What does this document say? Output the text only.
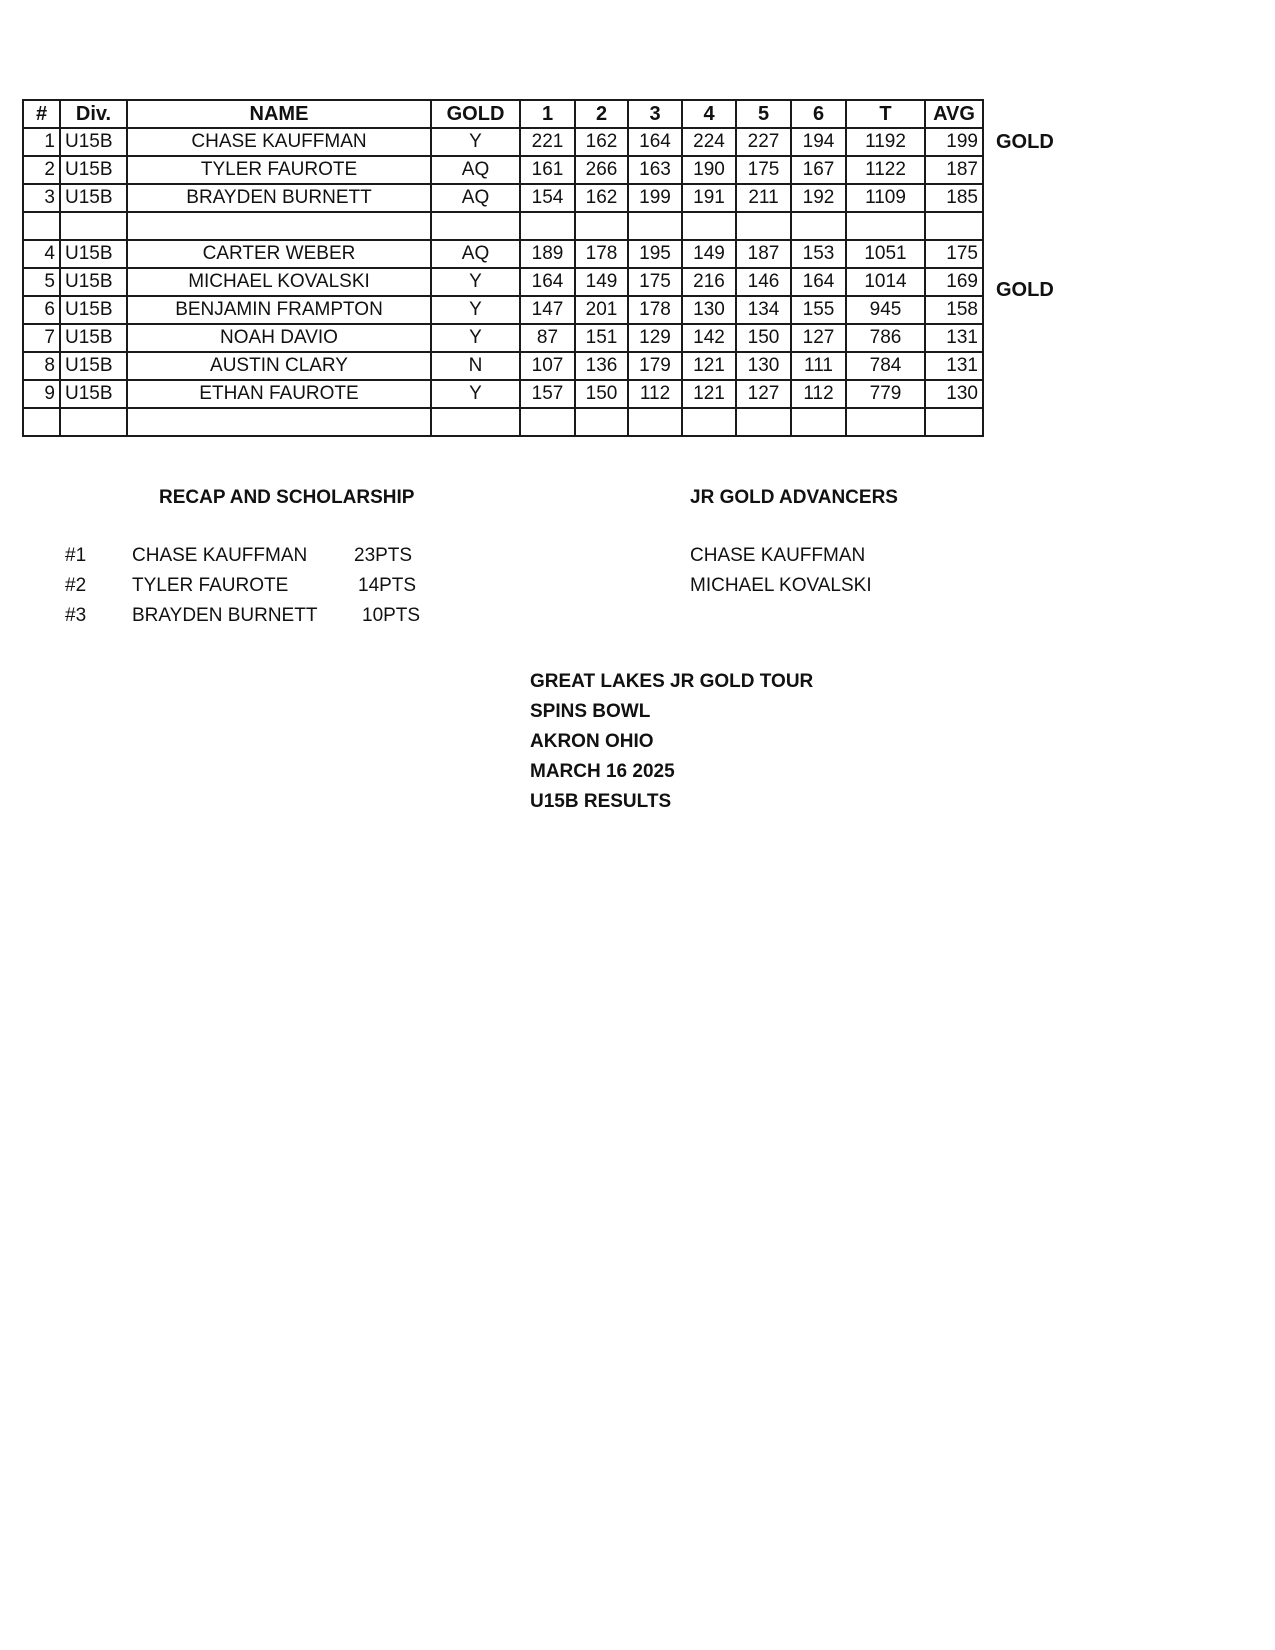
#	Div.	NAME	GOLD	1	2	3	4	5	6	T	AVG
1	U15B	CHASE KAUFFMAN	Y	221	162	164	224	227	194	1192	199
2	U15B	TYLER FAUROTE	AQ	161	266	163	190	175	167	1122	187
3	U15B	BRAYDEN BURNETT	AQ	154	162	199	191	211	192	1109	185

4	U15B	CARTER WEBER	AQ	189	178	195	149	187	153	1051	175
5	U15B	MICHAEL KOVALSKI	Y	164	149	175	216	146	164	1014	169
6	U15B	BENJAMIN FRAMPTON	Y	147	201	178	130	134	155	945	158
7	U15B	NOAH DAVIO	Y	87	151	129	142	150	127	786	131
8	U15B	AUSTIN CLARY	N	107	136	179	121	130	111	784	131
9	U15B	ETHAN FAUROTE	Y	157	150	112	121	127	112	779	130

GOLD
GOLD
RECAP AND SCHOLARSHIP
#1 CHASE KAUFFMAN 23PTS
#2 TYLER FAUROTE	14PTS
#3 BRAYDEN BURNETT 10PTS
JR GOLD ADVANCERS
CHASE KAUFFMAN
MICHAEL KOVALSKI
GREAT LAKES JR GOLD TOUR
SPINS BOWL
AKRON OHIO
MARCH 16 2025
U15B RESULTS
